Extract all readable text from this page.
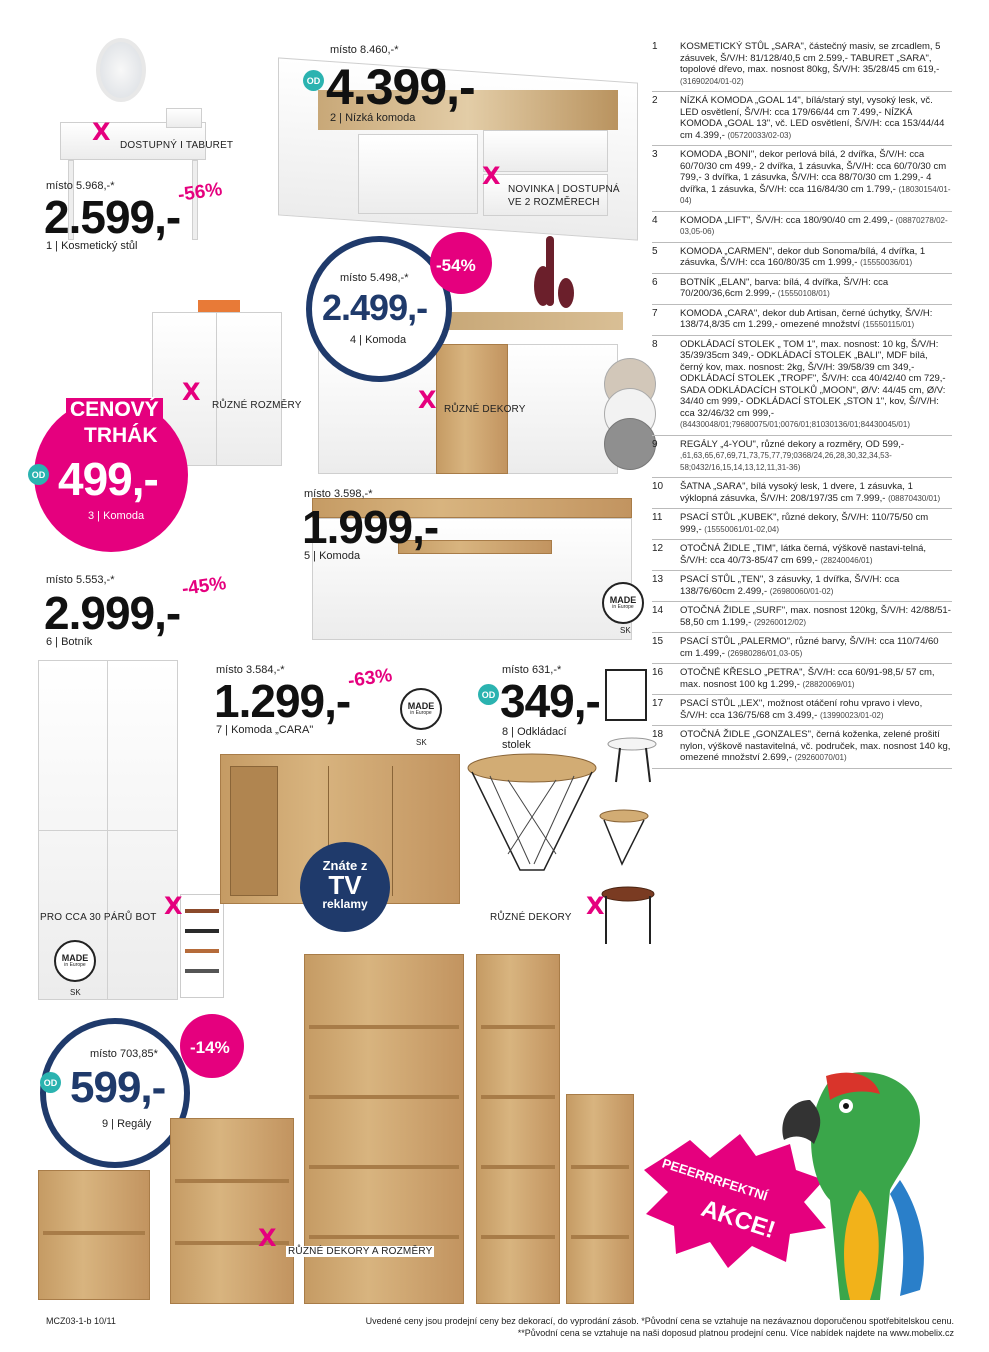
X DOSTUPNÝ I TABURET
místo 5.968,-*
2.599,-
-56%
1 | Kosmetický stůl
místo 8.460,-*
OD 4.399,-
2 | Nízká komoda
X NOVINKA | DOSTUPNÁ
VE 2 ROZMĚRECH
X RŮZNÉ ROZMĚRY
CENOVÝ
TRHÁK
OD 499,-
3 | Komoda
místo 5.498,-*
2.499,-
4 | Komoda
-54%
X RŮZNÉ DEKORY
místo 3.598,-*
1.999,-
5 | Komoda
MADE
in Europe
SK
místo 5.553,-*
2.999,-
-45%
6 | Botník
PRO CCA 30 PÁRŮ BOT X
MADE
in Europe
SK
místo 3.584,-*
1.299,-
-63%
7 | Komoda „CARA"
MADE
in Europe
SK
Znáte z
TV
reklamy
místo 631,-*
OD 349,-
8 | Odkládací
stolek
X
RŮZNÉ DEKORY
místo 703,85*
OD 599,-
9 | Regály
-14%
X RŮZNÉ DEKORY A ROZMĚRY
PEEERRRFEKTNÍ
AKCE!
1	KOSMETICKÝ STŮL „SARA", částečný masiv, se zrcadlem, 5 zásuvek, Š/V/H: 81/128/40,5 cm 2.599,- TABURET „SARA", topolové dřevo, max. nosnost 80kg, Š/V/H: 35/28/45 cm 619,- (31690204/01-02)
2	NÍZKÁ KOMODA „GOAL 14", bílá/starý styl, vysoký lesk, vč. LED osvětlení, Š/V/H: cca 179/66/44 cm 7.499,- NÍZKÁ KOMODA „GOAL 13", vč. LED osvětlení, Š/V/H: cca 153/44/44 cm 4.399,- (05720033/02-03)
3	KOMODA „BONI", dekor perlová bílá, 2 dvířka, Š/V/H: cca 60/70/30 cm 499,- 2 dvířka, 1 zásuvka, Š/V/H: cca 60/70/30 cm 799,- 3 dvířka, 1 zásuvka, Š/V/H: cca 88/70/30 cm 1.299,- 4 dvířka, 1 zásuvka, Š/V/H: cca 116/84/30 cm 1.799,- (18030154/01-04)
4	KOMODA „LIFT", Š/V/H: cca 180/90/40 cm 2.499,- (08870278/02-03,05-06)
5	KOMODA „CARMEN", dekor dub Sonoma/bílá, 4 dvířka, 1 zásuvka, Š/V/H: cca 160/80/35 cm 1.999,- (15550036/01)
6	BOTNÍK „ELAN", barva: bílá, 4 dvířka, Š/V/H: cca 70/200/36,6cm 2.999,- (15550108/01)
7	KOMODA „CARA", dekor dub Artisan, černé úchytky, Š/V/H: 138/74,8/35 cm 1.299,- omezené množství (15550115/01)
8	ODKLÁDACÍ STOLEK „ TOM 1", max. nosnost: 10 kg, Š/V/H: 35/39/35cm 349,- ODKLÁDACÍ STOLEK „BALI", MDF bílá, černý kov, max. nosnost: 2kg, Š/V/H: 39/58/39 cm 349,- ODKLÁDACÍ STOLEK „TROPF", Š/V/H: cca 40/42/40 cm 729,- SADA ODKLÁDACÍCH STOLKŮ „MOON", Ø/V: 44/45 cm, Ø/V: 34/40 cm 999,- ODKLÁDACÍ STOLEK „STON 1", kov, Š//V/H: cca 32/46/32 cm 999,- (84430048/01;79680075/01;0076/01;81030136/01;84430045/01)
9	REGÁLY „4-YOU", různé dekory a rozměry, OD 599,- ,61,63,65,67,69,71,73,75,77,79;0368/24,26,28,30,32,34,53-58;0432/16,15,14,13,12,11,31-36)
10	ŠATNA „SARA", bílá vysoký lesk, 1 dvere, 1 zásuvka, 1 výklopná zásuvka, Š/V/H: 208/197/35 cm 7.999,- (08870430/01)
11	PSACÍ STŮL „KUBEK", různé dekory, Š/V/H: 110/75/50 cm 999,- (15550061/01-02,04)
12	OTOČNÁ ŽIDLE „TIM", látka černá, výškově nastavi-telná, Š/V/H: cca 40/73-85/47 cm 699,- (28240046/01)
13	PSACÍ STŮL „TEN", 3 zásuvky, 1 dvířka, Š/V/H: cca 138/76/60cm 2.499,- (26980060/01-02)
14	OTOČNÁ ŽIDLE „SURF", max. nosnost 120kg, Š/V/H: 42/88/51-58,50 cm 1.199,- (29260012/02)
15	PSACÍ STŮL „PALERMO", různé barvy, Š/V/H: cca 110/74/60 cm 1.499,- (26980286/01,03-05)
16	OTOČNÉ KŘESLO „PETRA", Š/V/H: cca 60/91-98,5/ 57 cm, max. nosnost 100 kg 1.299,- (28820069/01)
17	PSACÍ STŮL „LEX", možnost otáčení rohu vpravo i vlevo, Š/V/H: cca 136/75/68 cm 3.499,- (13990023/01-02)
18	OTOČNÁ ŽIDLE „GONZALES", černá koženka, zelené prošití nylon, výškově nastavitelná, vč. područek, max. nosnost 140 kg, omezené množství 2.699,- (29260070/01)
MCZ03-1-b 10/11	Uvedené ceny jsou prodejní ceny bez dekorací, do vyprodání zásob. *Původní cena se vztahuje na nezávaznou doporučenou spotřebitelskou cenu.
**Původní cena se vztahuje na naši doposud platnou prodejní cenu. Více nabídek najdete na www.mobelix.cz
